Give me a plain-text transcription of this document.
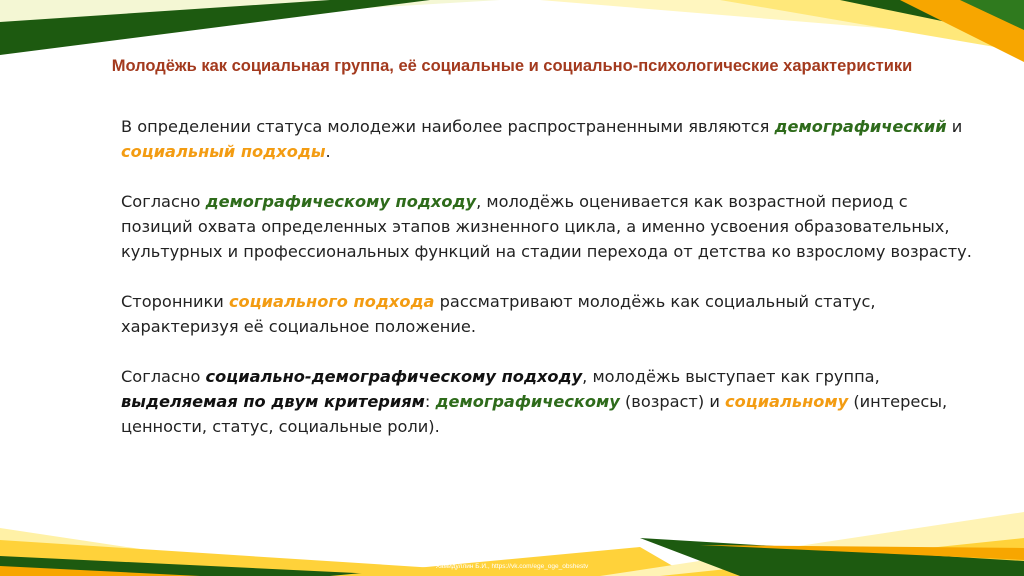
Молодёжь как социальная группа, её социальные и социально-психологические характеристики

В определении статуса молодежи наиболее распространенными являются демографический и социальный подходы.

Согласно демографическому подходу, молодёжь оценивается как возрастной период с позиций охвата определенных этапов жизненного цикла, а именно усвоения образовательных, культурных и профессиональных функций на стадии перехода от детства ко взрослому возрасту.

Сторонники социального подхода рассматривают молодёжь как социальный статус, характеризуя её социальное положение.

Согласно социально-демографическому подходу, молодёжь выступает как группа, выделяемая по двум критериям: демографическому (возраст) и социальному (интересы, ценности, статус, социальные роли).

Хамидуллин Б.И., https://vk.com/ege_oge_obshestv
